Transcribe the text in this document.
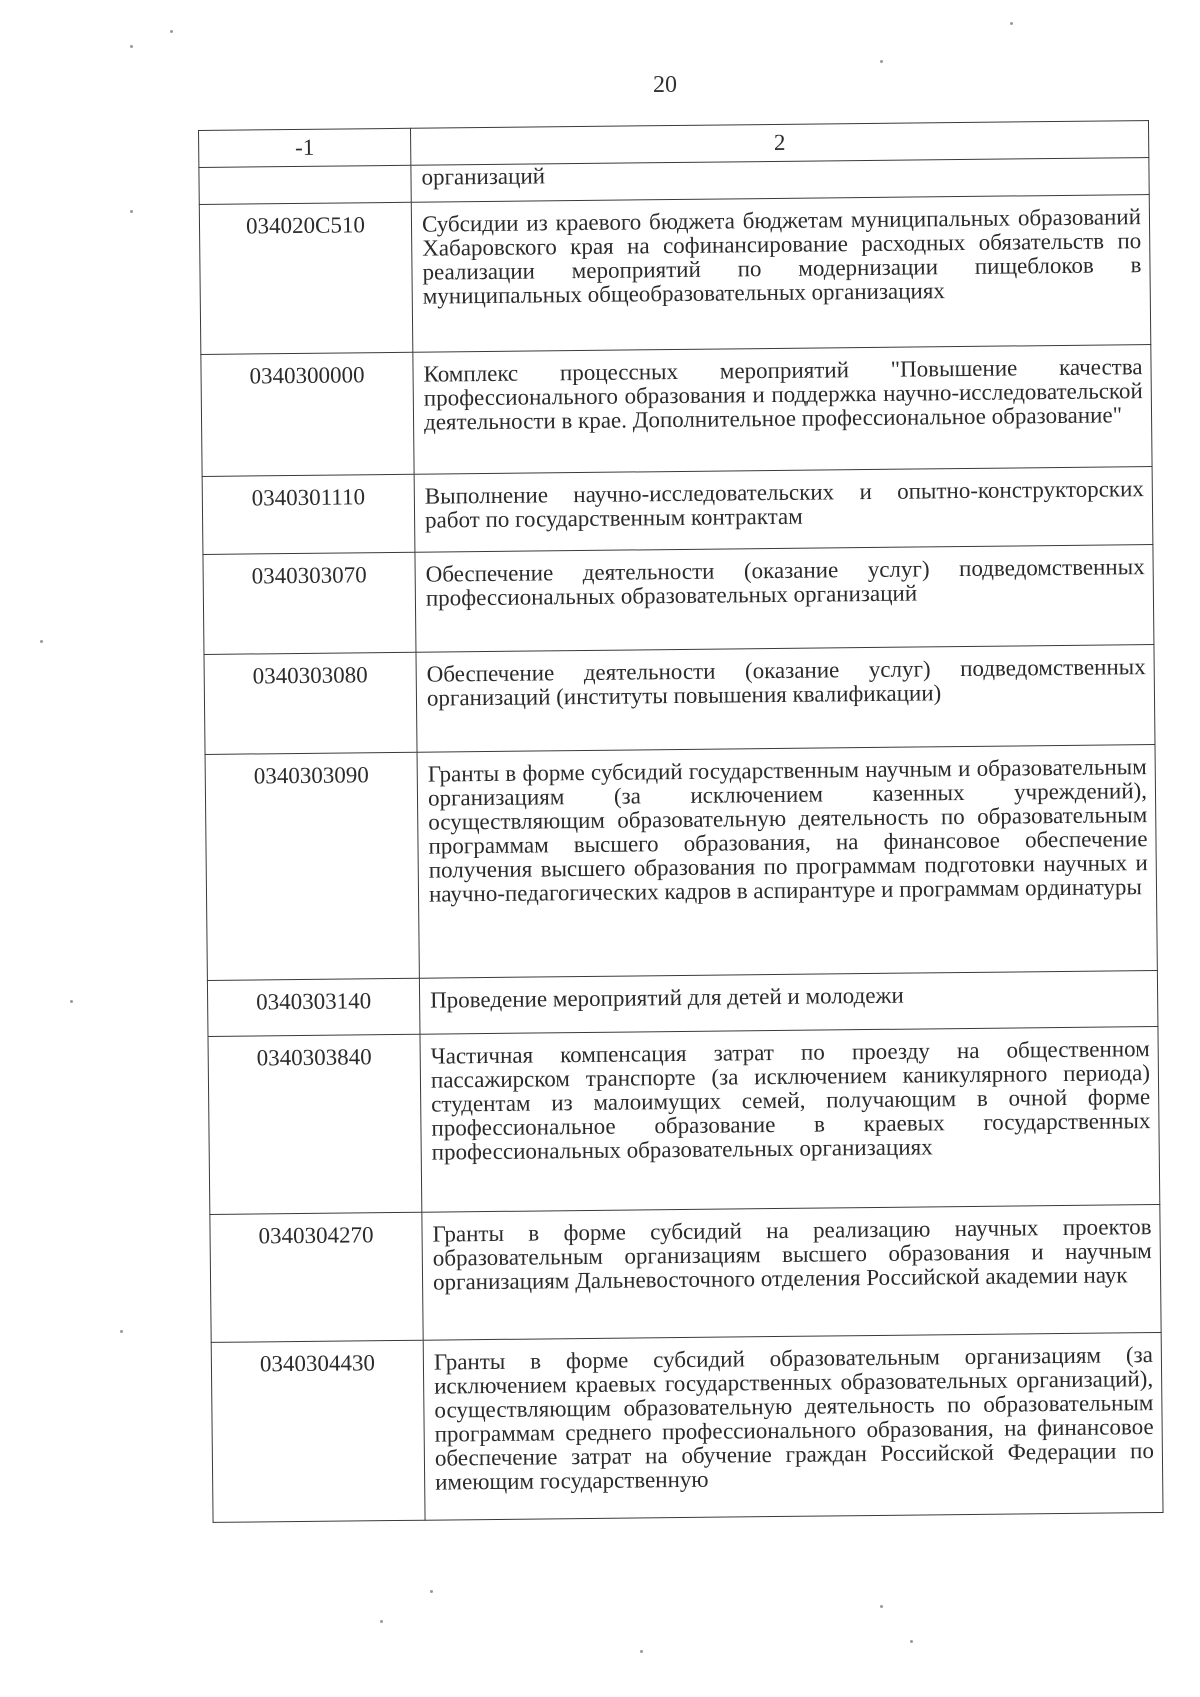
20
-1	2
	организаций
034020С510	Субсидии из краевого бюджета бюджетам муниципальных образований Хабаровского края на софинансирование расходных обязательств по реализации мероприятий по модернизации пищеблоков в муниципальных общеобразовательных организациях
0340300000	Комплекс процессных мероприятий "Повышение качества профессионального образования и поддержка научно-исследовательской деятельности в крае. Дополнительное профессиональное образование"
0340301110	Выполнение научно-исследовательских и опытно-конструкторских работ по государственным контрактам
0340303070	Обеспечение деятельности (оказание услуг) подведомственных профессиональных образовательных организаций
0340303080	Обеспечение деятельности (оказание услуг) подведомственных организаций (институты повышения квалификации)
0340303090	Гранты в форме субсидий государственным научным и образовательным организациям (за исключением казенных учреждений), осуществляющим образовательную деятельность по образовательным программам высшего образования, на финансовое обеспечение получения высшего образования по программам подготовки научных и научно-педагогических кадров в аспирантуре и программам ординатуры
0340303140	Проведение мероприятий для детей и молодежи
0340303840	Частичная компенсация затрат по проезду на общественном пассажирском транспорте (за исключением каникулярного периода) студентам из малоимущих семей, получающим в очной форме профессиональное образование в краевых государственных профессиональных образовательных организациях
0340304270	Гранты в форме субсидий на реализацию научных проектов образовательным организациям высшего образования и научным организациям Дальневосточного отделения Российской академии наук
0340304430	Гранты в форме субсидий образовательным организациям (за исключением краевых государственных образовательных организаций), осуществляющим образовательную деятельность по образовательным программам среднего профессионального образования, на финансовое обеспечение затрат на обучение граждан Российской Федерации по имеющим государственную
